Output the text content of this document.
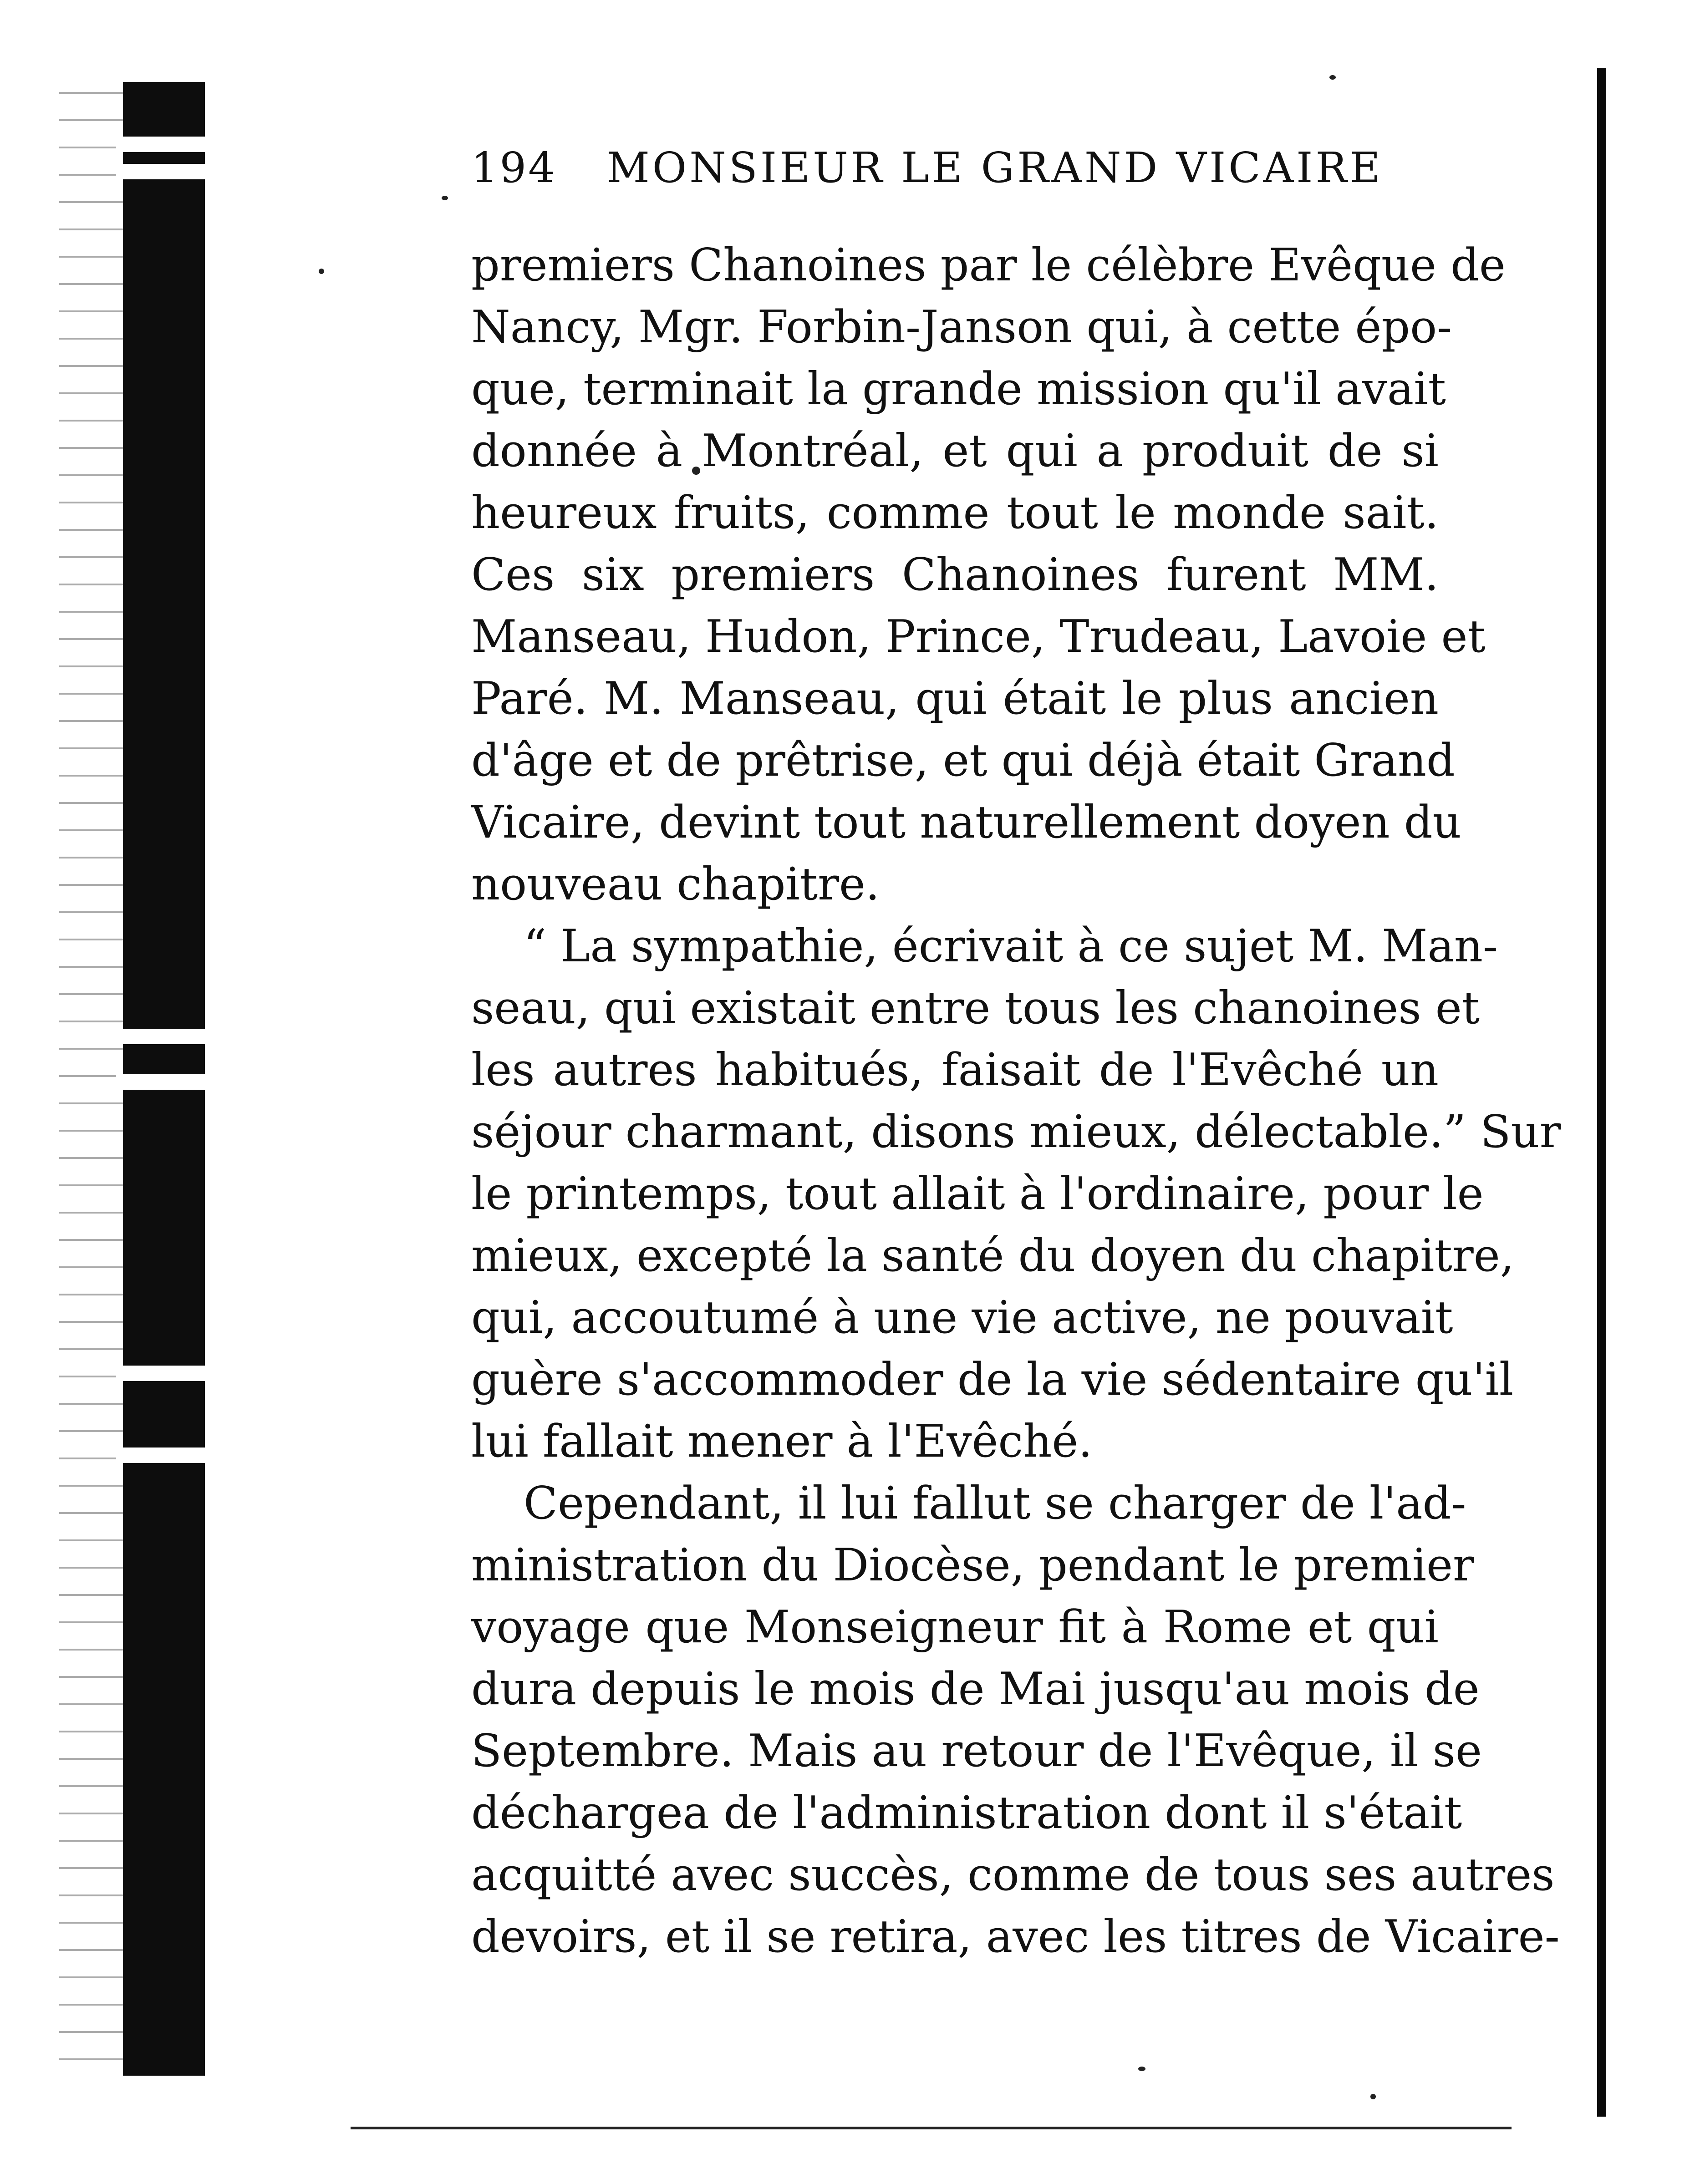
194 MONSIEUR LE GRAND VICAIRE
premiers Chanoines par le célèbre Evêque de
Nancy, Mgr. Forbin-Janson qui, à cette épo-
que, terminait la grande mission qu'il avait
donnée à Montréal, et qui a produit de si
heureux fruits, comme tout le monde sait.
Ces six premiers Chanoines furent MM.
Manseau, Hudon, Prince, Trudeau, Lavoie et
Paré. M. Manseau, qui était le plus ancien
d'âge et de prêtrise, et qui déjà était Grand
Vicaire, devint tout naturellement doyen du
nouveau chapitre.
“ La sympathie, écrivait à ce sujet M. Man-
seau, qui existait entre tous les chanoines et
les autres habitués, faisait de l'Evêché un
séjour charmant, disons mieux, délectable.” Sur
le printemps, tout allait à l'ordinaire, pour le
mieux, excepté la santé du doyen du chapitre,
qui, accoutumé à une vie active, ne pouvait
guère s'accommoder de la vie sédentaire qu'il
lui fallait mener à l'Evêché.
Cependant, il lui fallut se charger de l'ad-
ministration du Diocèse, pendant le premier
voyage que Monseigneur fit à Rome et qui
dura depuis le mois de Mai jusqu'au mois de
Septembre. Mais au retour de l'Evêque, il se
déchargea de l'administration dont il s'était
acquitté avec succès, comme de tous ses autres
devoirs, et il se retira, avec les titres de Vicaire-
